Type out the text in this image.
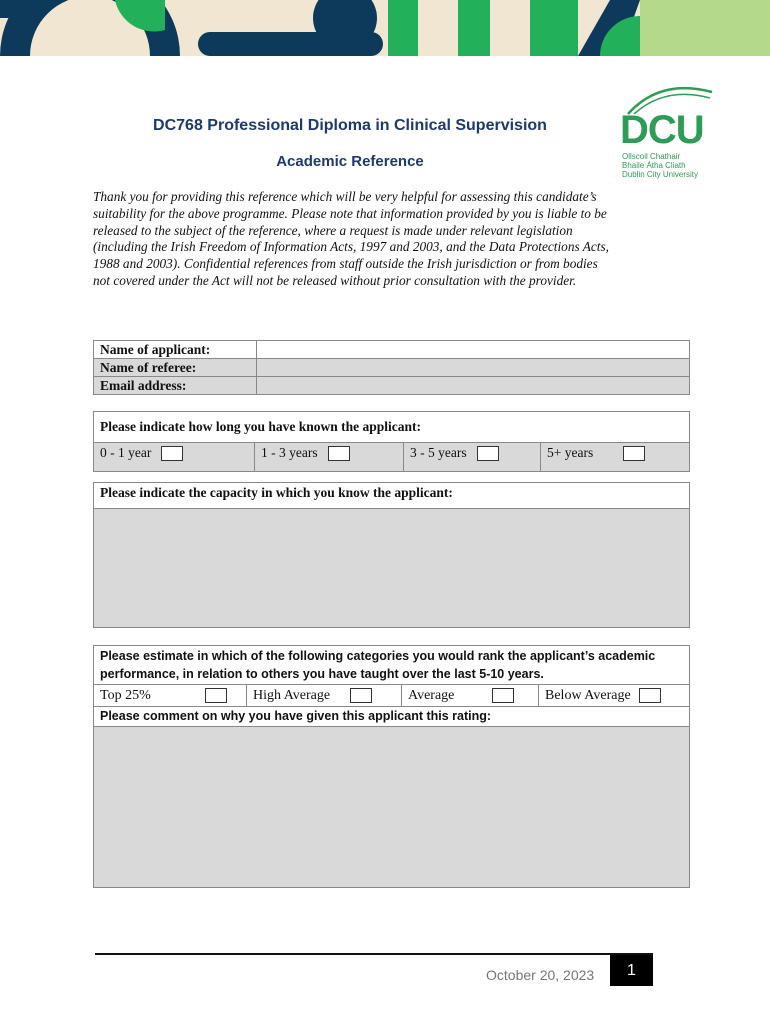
DCU
Ollscoil Chathair
Bhaile Átha Cliath
Dublin City University
DC768 Professional Diploma in Clinical Supervision
Academic Reference
Thank you for providing this reference which will be very helpful for assessing this candidate’s suitability for the above programme. Please note that information provided by you is liable to be released to the subject of the reference, where a request is made under relevant legislation (including the Irish Freedom of Information Acts, 1997 and 2003, and the Data Protections Acts, 1988 and 2003). Confidential references from staff outside the Irish jurisdiction or from bodies not covered under the Act will not be released without prior consultation with the provider.
Name of applicant:	
Name of referee:	
Email address:	
Please indicate how long you have known the applicant:
0 - 1 year	1 - 3 years	3 - 5 years	5+ years
Please indicate the capacity in which you know the applicant:

Please estimate in which of the following categories you would rank the applicant’s academic performance, in relation to others you have taught over the last 5-10 years.
Top 25%	High Average	Average	Below Average
Please comment on why you have given this applicant this rating:

October 20, 2023	1
